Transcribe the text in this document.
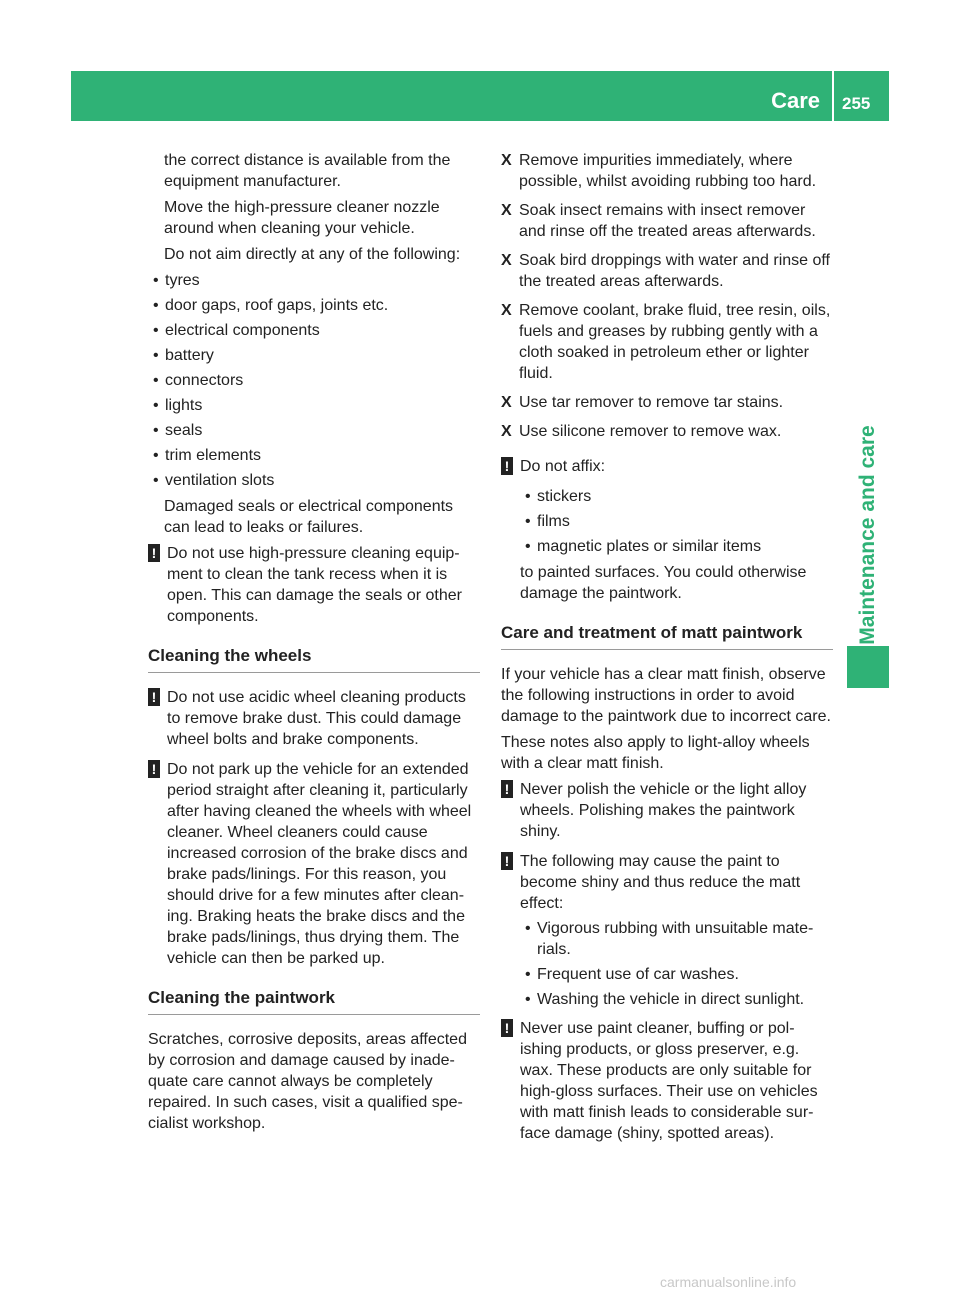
Care 255
Maintenance and care

the correct distance is available from the equipment manufacturer.

Move the high-pressure cleaner nozzle around when cleaning your vehicle.

Do not aim directly at any of the following:

• tyres
• door gaps, roof gaps, joints etc.
• electrical components
• battery
• connectors
• lights
• seals
• trim elements
• ventilation slots

Damaged seals or electrical components can lead to leaks or failures.

! Do not use high-pressure cleaning equip-ment to clean the tank recess when it is open. This can damage the seals or other components.
Cleaning the wheels
! Do not use acidic wheel cleaning products to remove brake dust. This could damage wheel bolts and brake components.
! Do not park up the vehicle for an extended period straight after cleaning it, particularly after having cleaned the wheels with wheel cleaner. Wheel cleaners could cause increased corrosion of the brake discs and brake pads/linings. For this reason, you should drive for a few minutes after clean-ing. Braking heats the brake discs and the brake pads/linings, thus drying them. The vehicle can then be parked up.
Cleaning the paintwork

Scratches, corrosive deposits, areas affected by corrosion and damage caused by inade-quate care cannot always be completely repaired. In such cases, visit a qualified spe-cialist workshop.

X Remove impurities immediately, where possible, whilst avoiding rubbing too hard.
X Soak insect remains with insect remover and rinse off the treated areas afterwards.
X Soak bird droppings with water and rinse off the treated areas afterwards.
X Remove coolant, brake fluid, tree resin, oils, fuels and greases by rubbing gently with a cloth soaked in petroleum ether or lighter fluid.
X Use tar remover to remove tar stains.
X Use silicone remover to remove wax.
! Do not affix:
• stickers
• films
• magnetic plates or similar items

to painted surfaces. You could otherwise damage the paintwork.

Care and treatment of matt paintwork

If your vehicle has a clear matt finish, observe the following instructions in order to avoid damage to the paintwork due to incorrect care.

These notes also apply to light-alloy wheels with a clear matt finish.

! Never polish the vehicle or the light alloy wheels. Polishing makes the paintwork shiny.
! The following may cause the paint to become shiny and thus reduce the matt effect:
• Vigorous rubbing with unsuitable mate-rials.
• Frequent use of car washes.
• Washing the vehicle in direct sunlight.
! Never use paint cleaner, buffing or pol-ishing products, or gloss preserver, e.g. wax. These products are only suitable for high-gloss surfaces. Their use on vehicles with matt finish leads to considerable sur-face damage (shiny, spotted areas).
carmanualsonline.info
